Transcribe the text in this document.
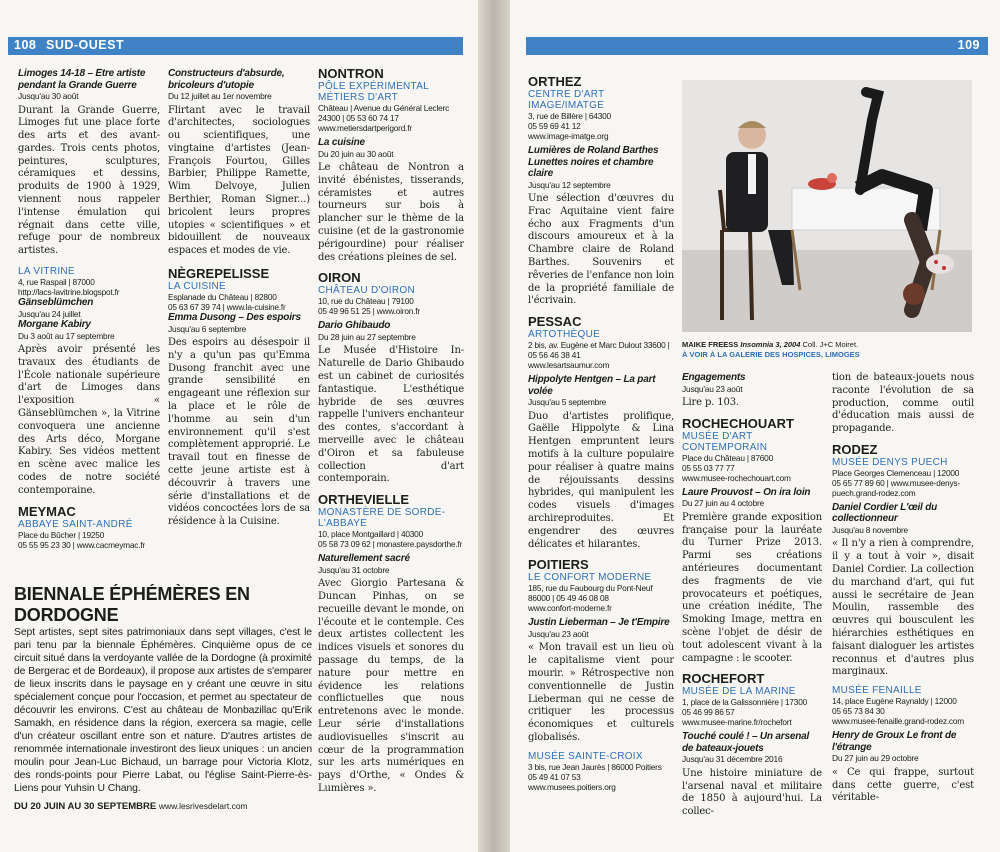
108 SUD-OUEST
Limoges 14-18 – Être artiste pendant la Grande Guerre
Jusqu'au 30 août

Durant la Grande Guerre, Limoges fut une place forte des arts et des avant-gardes. Trois cents photos, peintures, sculptures, céramiques et dessins, produits de 1900 à 1929, viennent nous rappeler l'intense émulation qui régnait dans cette ville, refuge pour de nombreux artistes.

LA VITRINE
4, rue Raspail | 87000
http://lacs-lavitrine.blogspot.fr
Gänseblümchen
Jusqu'au 24 juillet
Morgane Kabiry
Du 3 août au 17 septembre

Après avoir présenté les travaux des étudiants de l'École nationale supérieure d'art de Limoges dans l'exposition « Gänseblümchen », la Vitrine convoquera une ancienne des Arts déco, Morgane Kabiry. Ses vidéos mettent en scène avec malice les codes de notre société contemporaine.

MEYMAC
ABBAYE SAINT-ANDRÉ
Place du Bûcher | 19250
05 55 95 23 30 | www.cacmeymac.fr
Constructeurs d'absurde, bricoleurs d'utopie
Du 12 juillet au 1er novembre

Flirtant avec le travail d'architectes, sociologues ou scientifiques, une vingtaine d'artistes (Jean-François Fourtou, Gilles Barbier, Philippe Ramette, Wim Delvoye, Julien Berthier, Roman Signer...) bricolent leurs propres utopies « scientifiques » et bidouillent de nouveaux espaces et modes de vie.

NÈGREPELISSE
LA CUISINE
Esplanade du Château | 82800
05 63 67 39 74 | www.la-cuisine.fr
Emma Dusong – Des espoirs
Jusqu'au 6 septembre

Des espoirs au désespoir il n'y a qu'un pas qu'Emma Dusong franchit avec une grande sensibilité en engageant une réflexion sur la place et le rôle de l'homme au sein d'un environnement qu'il s'est complètement approprié. Le travail tout en finesse de cette jeune artiste est à découvrir à travers une série d'installations et de vidéos concoctées lors de sa résidence à la Cuisine.

NONTRON
PÔLE EXPÉRIMENTAL MÉTIERS D'ART
Château | Avenue du Général Leclerc 24300 | 05 53 60 74 17
www.metiersdartperigord.fr
La cuisine
Du 20 juin au 30 août

Le château de Nontron a invité ébénistes, tisserands, céramistes et autres tourneurs sur bois à plancher sur le thème de la cuisine (et de la gastronomie périgourdine) pour réaliser des créations pleines de sel.

OIRON
CHÂTEAU D'OIRON
10, rue du Château | 79100
05 49 96 51 25 | www.oiron.fr
Dario Ghibaudo
Du 28 juin au 27 septembre

Le Musée d'Histoire In-Naturelle de Dario Ghibaudo est un cabinet de curiosités fantastique. L'esthétique hybride de ses œuvres rappelle l'univers enchanteur des contes, s'accordant à merveille avec le château d'Oiron et sa fabuleuse collection d'art contemporain.

ORTHEVIELLE
MONASTÈRE DE SORDE-L'ABBAYE
10, place Montgaillard | 40300
05 58 73 09 62 | monastere.paysdorthe.fr
Naturellement sacré
Jusqu'au 31 octobre

Avec Giorgio Partesana & Duncan Pinhas, on se recueille devant le monde, on l'écoute et le contemple. Ces deux artistes collectent les indices visuels et sonores du passage du temps, de la nature pour mettre en évidence les relations conflictuelles que nous entretenons avec le monde. Leur série d'installations audiovisuelles s'inscrit au cœur de la programmation sur les arts numériques en pays d'Orthe, « Ondes & Lumières ».

BIENNALE ÉPHÉMÈRES EN DORDOGNE
Sept artistes, sept sites patrimoniaux dans sept villages, c'est le pari tenu par la biennale Éphémères. Cinquième opus de ce circuit situé dans la verdoyante vallée de la Dordogne (à proximité de Bergerac et de Bordeaux), il propose aux artistes de s'emparer de lieux inscrits dans le paysage en y créant une œuvre in situ spécialement conçue pour l'occasion, et permet au spectateur de découvrir les environs. C'est au château de Monbazillac qu'Erik Samakh, en résidence dans la région, exercera sa magie, celle d'un créateur oscillant entre son et nature. D'autres artistes de renommée internationale investiront des lieux uniques : un ancien moulin pour Jean-Luc Bichaud, un barrage pour Victoria Klotz, des ronds-points pour Pierre Labat, ou l'église Saint-Pierre-ès-Liens pour Yuhsin U Chang.
DU 20 JUIN AU 30 SEPTEMBRE www.lesrivesdelart.com
109
ORTHEZ
CENTRE D'ART IMAGE/IMATGE
3, rue de Billère | 64300
05 59 69 41 12
www.image-imatge.org
Lumières de Roland Barthes Lunettes noires et chambre claire
Jusqu'au 12 septembre

Une sélection d'œuvres du Frac Aquitaine vient faire écho aux Fragments d'un discours amoureux et à la Chambre claire de Roland Barthes. Souvenirs et rêveries de l'enfance non loin de la propriété familiale de l'écrivain.

PESSAC
ARTOTHÈQUE
2 bis, av. Eugène et Marc Dulout 33600 | 05 56 46 38 41
www.lesartsaumur.com
Hippolyte Hentgen – La part volée
Jusqu'au 5 septembre

Duo d'artistes prolifique, Gaëlle Hippolyte & Lina Hentgen empruntent leurs motifs à la culture populaire pour réaliser à quatre mains de réjouissants dessins hybrides, qui manipulent les codes visuels d'images archireproduites. Et engendrer des œuvres délicates et hilarantes.

POITIERS
LE CONFORT MODERNE
185, rue du Faubourg du Pont-Neuf 86000 | 05 49 46 08 08
www.confort-moderne.fr
Justin Lieberman – Je t'Empire
Jusqu'au 23 août

« Mon travail est un lieu où le capitalisme vient pour mourir. » Rétrospective non conventionnelle de Justin Lieberman qui ne cesse de critiquer les processus économiques et culturels globalisés.

MUSÉE SAINTE-CROIX
3 bis, rue Jean Jaurès | 86000 Poitiers
05 49 41 07 53
www.musees.poitiers.org
MAIKE FREESS Insomnia 3, 2004 Coll. J+C Moiret.
À VOIR À LA GALERIE DES HOSPICES, LIMOGES
Engagements
Jusqu'au 23 août

Lire p. 103.

ROCHECHOUART
MUSÉE D'ART CONTEMPORAIN
Place du Château | 87600
05 55 03 77 77
www.musee-rochechouart.com
Laure Prouvost – On ira loin
Du 27 juin au 4 octobre

Première grande exposition française pour la lauréate du Turner Prize 2013. Parmi ses créations antérieures documentant des fragments de vie provocateurs et poétiques, une création inédite, The Smoking Image, mettra en scène l'objet de désir de tout adolescent vivant à la campagne : le scooter.

ROCHEFORT
MUSÉE DE LA MARINE
1, place de la Galissonnière | 17300
05 46 99 86 57
www.musee-marine.fr/rochefort
Touché coulé ! – Un arsenal de bateaux-jouets
Jusqu'au 31 décembre 2016

Une histoire miniature de l'arsenal naval et militaire de 1850 à aujourd'hui. La collec-

tion de bateaux-jouets nous raconte l'évolution de sa production, comme outil d'éducation mais aussi de propagande.

RODEZ
MUSÉE DENYS PUECH
Place Georges Clemenceau | 12000
05 65 77 89 60 | www.musee-denys-puech.grand-rodez.com
Daniel Cordier L'œil du collectionneur
Jusqu'au 8 novembre

« Il n'y a rien à comprendre, il y a tout à voir », disait Daniel Cordier. La collection du marchand d'art, qui fut aussi le secrétaire de Jean Moulin, rassemble des œuvres qui bousculent les hiérarchies esthétiques en faisant dialoguer les artistes reconnus et d'autres plus marginaux.

MUSÉE FENAILLE
14, place Eugène Raynaldy | 12000
05 65 73 84 30
www.musee-fenaille.grand-rodez.com
Henry de Groux Le front de l'étrange
Du 27 juin au 29 octobre

« Ce qui frappe, surtout dans cette guerre, c'est véritable-
